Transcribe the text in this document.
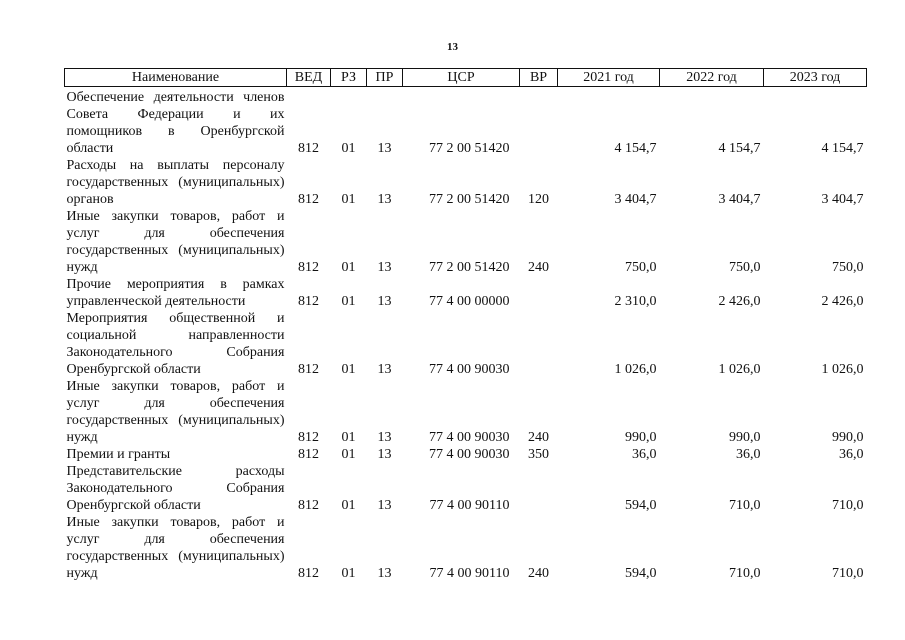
13
Наименование	ВЕД	РЗ	ПР	ЦСР	ВР	2021 год	2022 год	2023 год

Обеспечение деятельности членов Совета Федерации и их помощников в Оренбургской области	812	01	13	77 2 00 51420		4 154,7	4 154,7	4 154,7
Расходы на выплаты персоналу государственных (муниципальных) органов	812	01	13	77 2 00 51420	120	3 404,7	3 404,7	3 404,7
Иные закупки товаров, работ и услуг для обеспечения государственных (муниципальных) нужд	812	01	13	77 2 00 51420	240	750,0	750,0	750,0
Прочие мероприятия в рамках управленческой деятельности	812	01	13	77 4 00 00000		2 310,0	2 426,0	2 426,0
Мероприятия общественной и социальной направленности Законодательного Собрания Оренбургской области	812	01	13	77 4 00 90030		1 026,0	1 026,0	1 026,0
Иные закупки товаров, работ и услуг для обеспечения государственных (муниципальных) нужд	812	01	13	77 4 00 90030	240	990,0	990,0	990,0
Премии и гранты	812	01	13	77 4 00 90030	350	36,0	36,0	36,0
Представительские расходы Законодательного Собрания Оренбургской области	812	01	13	77 4 00 90110		594,0	710,0	710,0
Иные закупки товаров, работ и услуг для обеспечения государственных (муниципальных) нужд	812	01	13	77 4 00 90110	240	594,0	710,0	710,0
